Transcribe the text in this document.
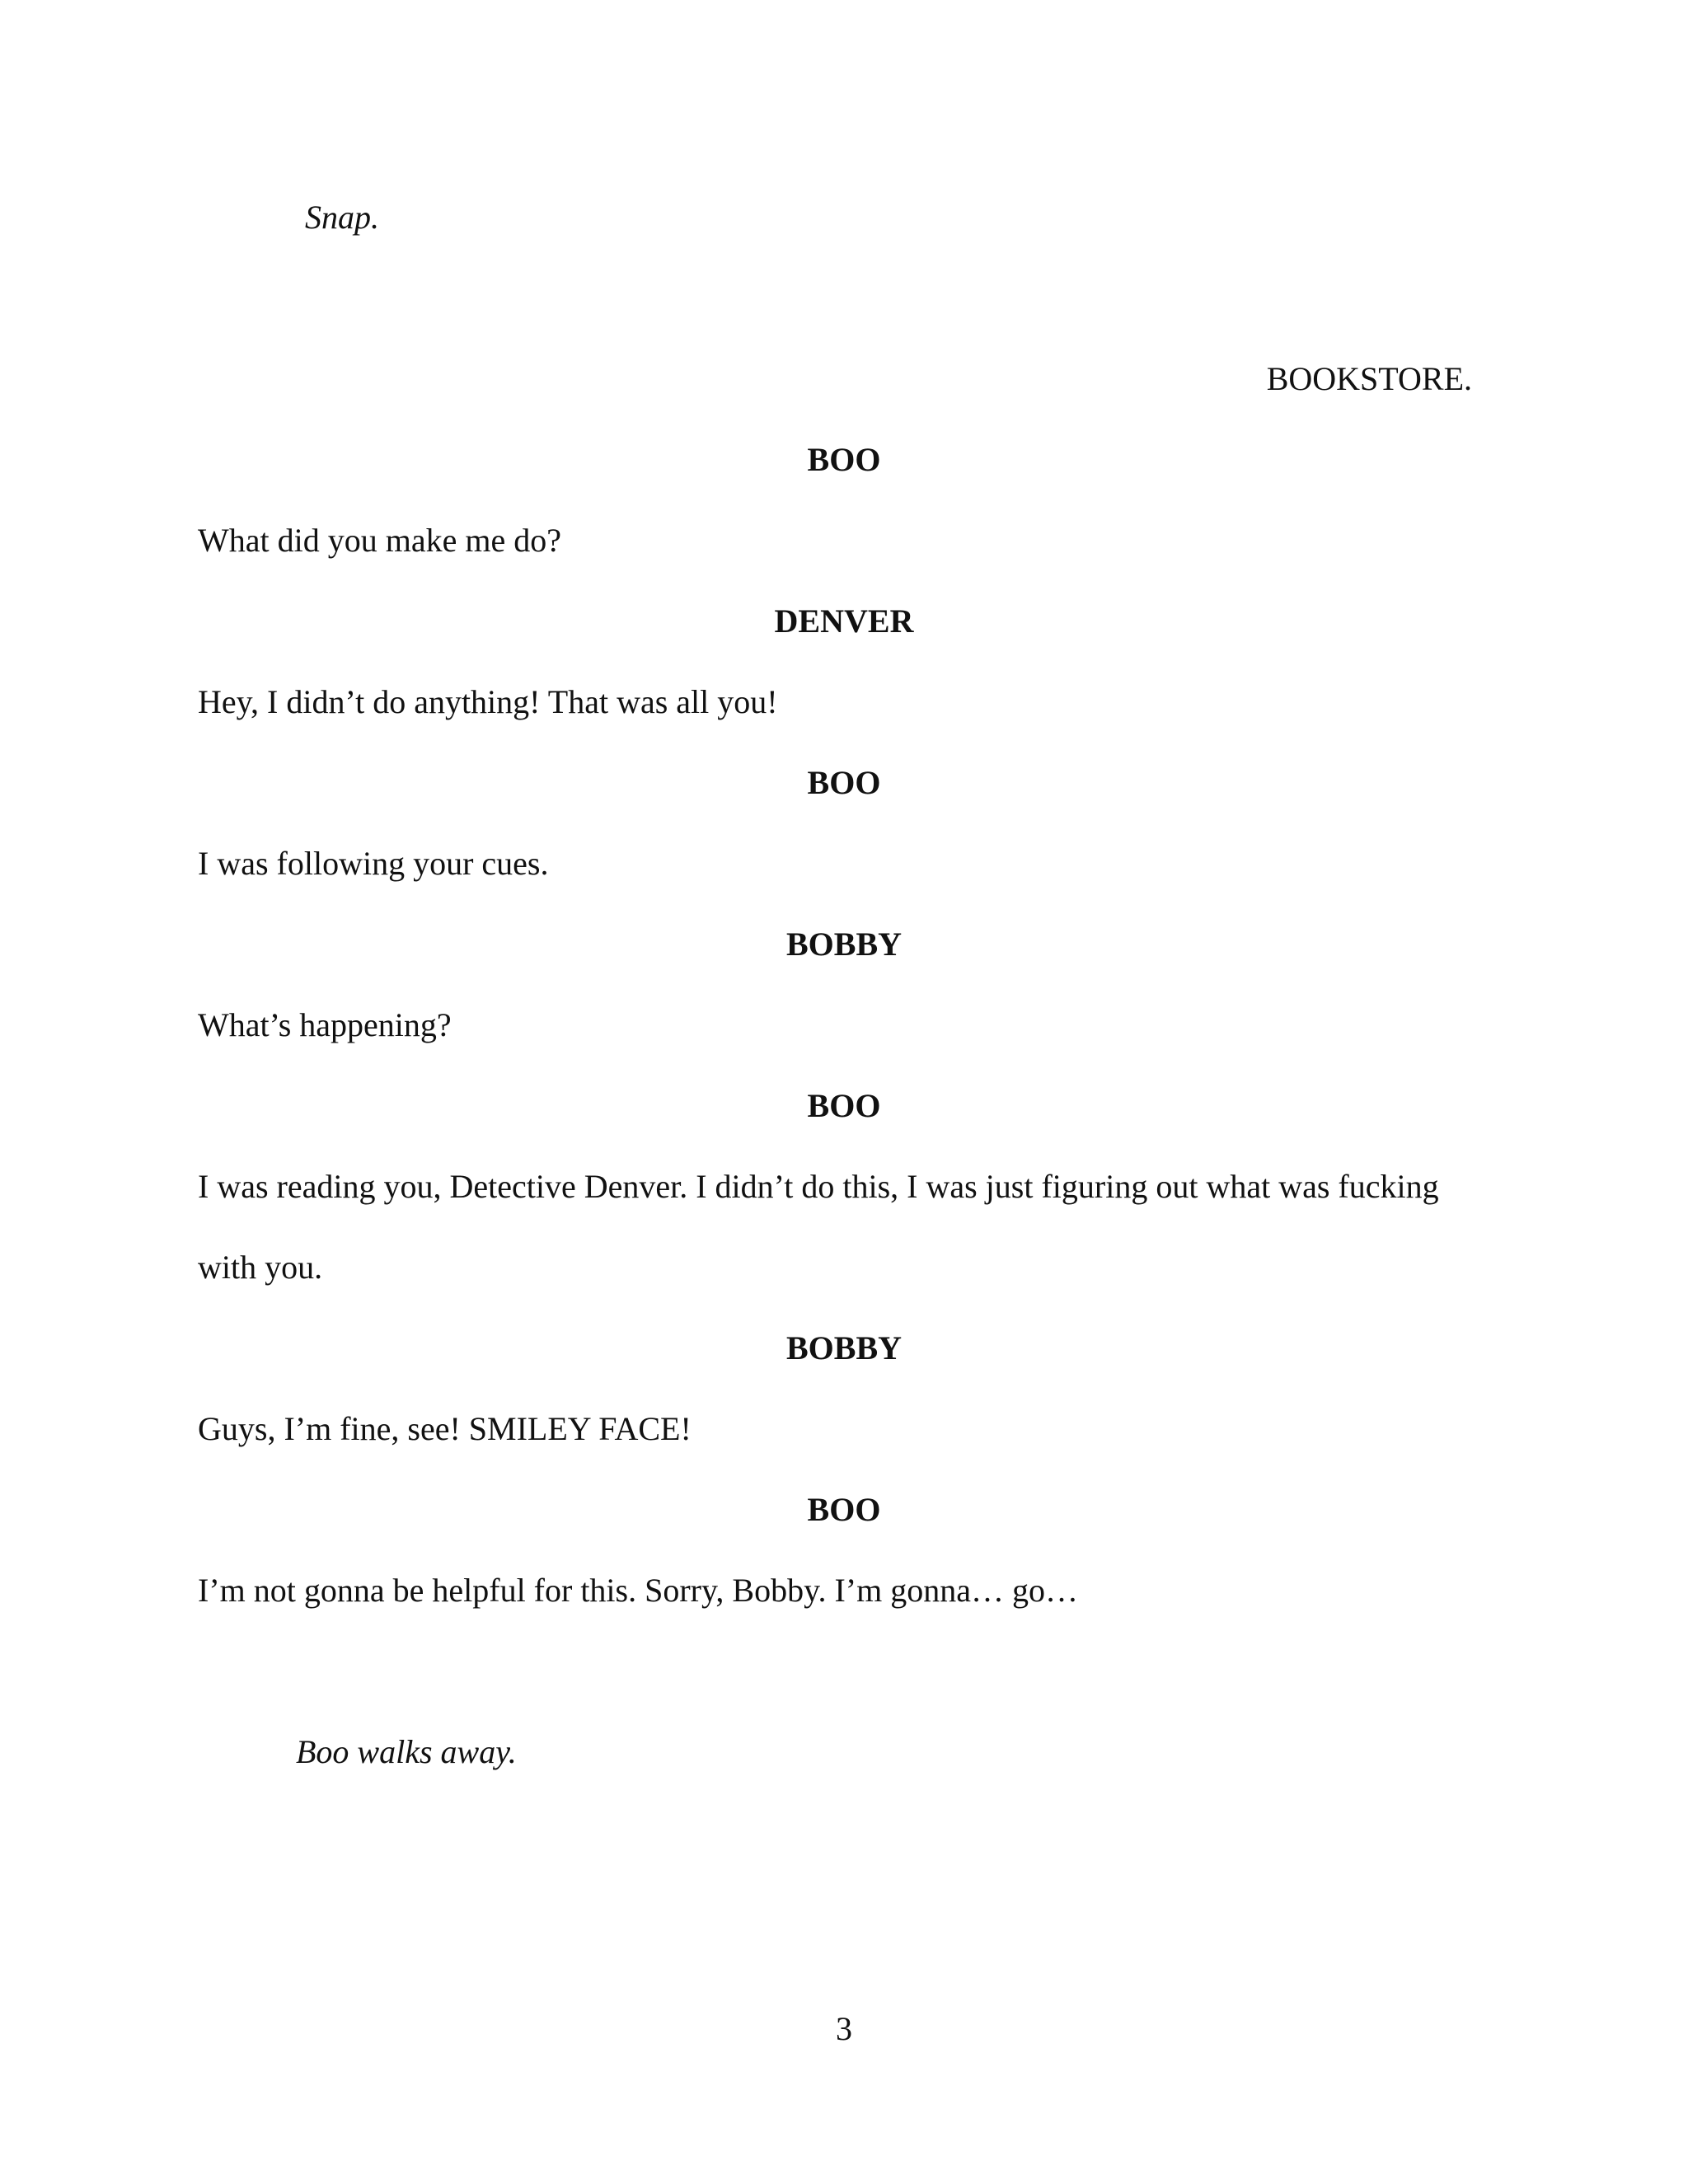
Snap.
BOOKSTORE.
BOO
What did you make me do?
DENVER
Hey, I didn’t do anything! That was all you!
BOO
I was following your cues.
BOBBY
What’s happening?
BOO
I was reading you, Detective Denver. I didn’t do this, I was just figuring out what was fucking
with you.
BOBBY
Guys, I’m fine, see! SMILEY FACE!
BOO
I’m not gonna be helpful for this. Sorry, Bobby. I’m gonna… go…
Boo walks away.
3
